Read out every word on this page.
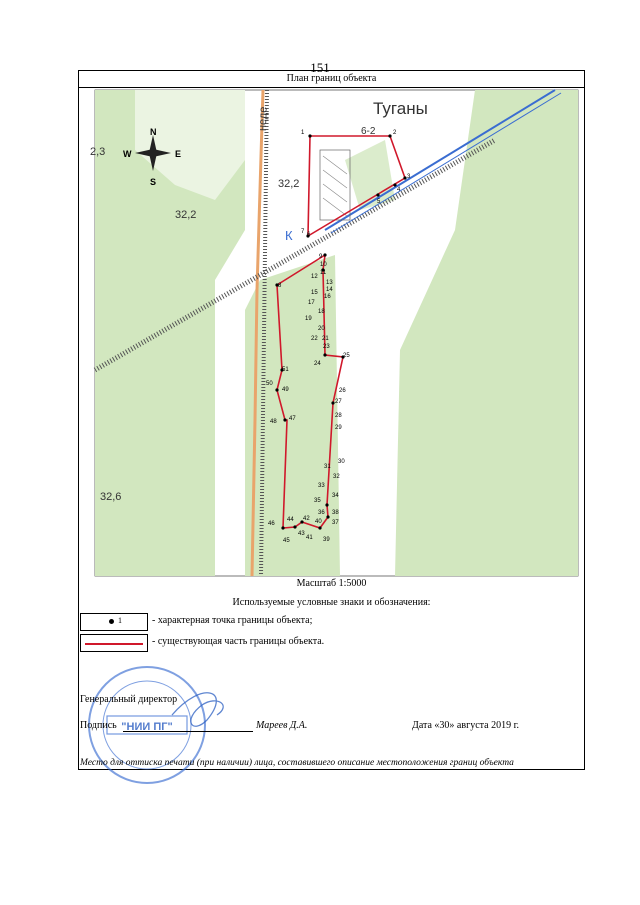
151
План границ объекта
Туганы
32,2
32,2
2,3
32,6
6-2
неде
К
N
S
E
W
1	2
3
4
5
6
7
8
9
10
11
12
13
14
15
16
17
18
19
20
21
22
23
24
25
26
27
28
29
30
31
32
33
34
35
36
37
38
39
40
41
42
43
44
45
46
47
48
49
50
51
Масштаб 1:5000
Используемые условные знаки и обозначения:
1	- характерная точка границы объекта;
- существующая часть границы объекта.
"НИИ ПГ"
Генеральный директор
Подпись	Мареев Д.А.	Дата «30» августа 2019 г.
Место для оттиска печати (при наличии) лица, составившего описание местоположения границ объекта
